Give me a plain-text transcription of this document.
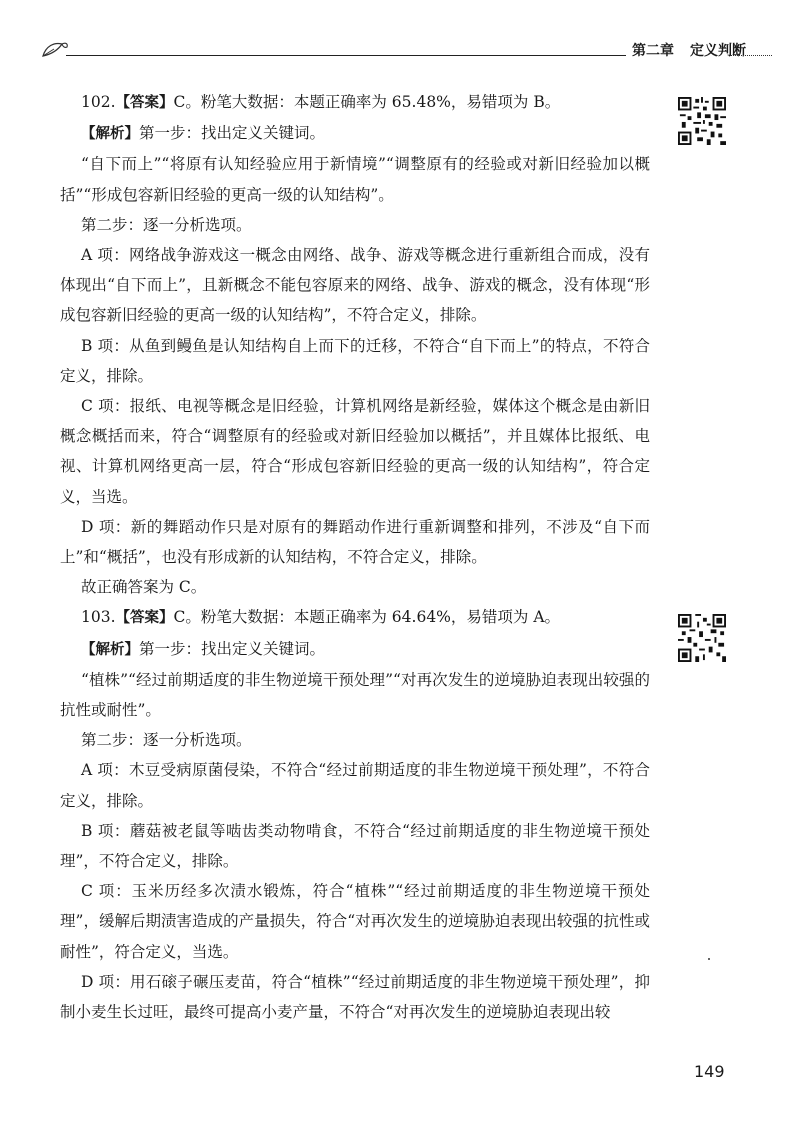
第二章 定义判断

102.【答案】C。粉笔大数据：本题正确率为 65.48%，易错项为 B。

【解析】第一步：找出定义关键词。

“自下而上”“将原有认知经验应用于新情境”“调整原有的经验或对新旧经验加以概括”“形成包容新旧经验的更高一级的认知结构”。

第二步：逐一分析选项。

A 项：网络战争游戏这一概念由网络、战争、游戏等概念进行重新组合而成，没有体现出“自下而上”，且新概念不能包容原来的网络、战争、游戏的概念，没有体现“形成包容新旧经验的更高一级的认知结构”，不符合定义，排除。

B 项：从鱼到鳗鱼是认知结构自上而下的迁移，不符合“自下而上”的特点，不符合定义，排除。

C 项：报纸、电视等概念是旧经验，计算机网络是新经验，媒体这个概念是由新旧概念概括而来，符合“调整原有的经验或对新旧经验加以概括”，并且媒体比报纸、电视、计算机网络更高一层，符合“形成包容新旧经验的更高一级的认知结构”，符合定义，当选。

D 项：新的舞蹈动作只是对原有的舞蹈动作进行重新调整和排列，不涉及“自下而上”和“概括”，也没有形成新的认知结构，不符合定义，排除。

故正确答案为 C。

103.【答案】C。粉笔大数据：本题正确率为 64.64%，易错项为 A。

【解析】第一步：找出定义关键词。

“植株”“经过前期适度的非生物逆境干预处理”“对再次发生的逆境胁迫表现出较强的抗性或耐性”。

第二步：逐一分析选项。

A 项：木豆受病原菌侵染，不符合“经过前期适度的非生物逆境干预处理”，不符合定义，排除。

B 项：蘑菇被老鼠等啮齿类动物啃食，不符合“经过前期适度的非生物逆境干预处理”，不符合定义，排除。

C 项：玉米历经多次渍水锻炼，符合“植株”“经过前期适度的非生物逆境干预处理”，缓解后期渍害造成的产量损失，符合“对再次发生的逆境胁迫表现出较强的抗性或耐性”，符合定义，当选。

D 项：用石磙子碾压麦苗，符合“植株”“经过前期适度的非生物逆境干预处理”，抑制小麦生长过旺，最终可提高小麦产量，不符合“对再次发生的逆境胁迫表现出较

149
